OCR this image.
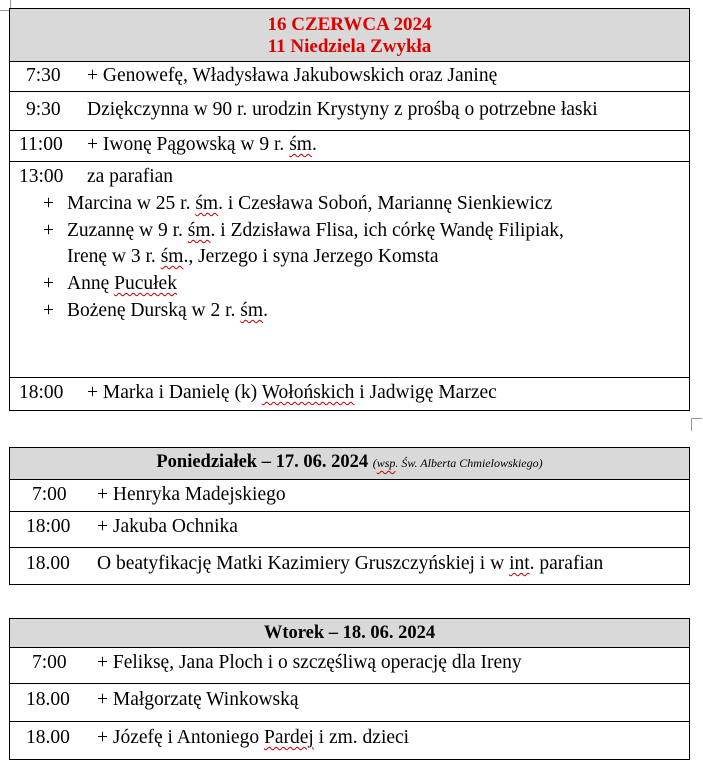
16 CZERWCA 2024
11 Niedziela Zwykła
7:30 + Genowefę, Władysława Jakubowskich oraz Janinę
9:30 Dziękczynna w 90 r. urodzin Krystyny z prośbą o potrzebne łaski
11:00 + Iwonę Pągowską w 9 r. śm.
13:00 za parafian
+ Marcina w 25 r. śm. i Czesława Soboń, Mariannę Sienkiewicz
+ Zuzannę w 9 r. śm. i Zdzisława Flisa, ich córkę Wandę Filipiak,
Irenę w 3 r. śm., Jerzego i syna Jerzego Komsta
+ Annę Pucułek
+ Bożenę Durską w 2 r. śm.
18:00 + Marka i Danielę (k) Wołońskich i Jadwigę Marzec
Poniedziałek – 17. 06. 2024 (wsp. Św. Alberta Chmielowskiego)
7:00 + Henryka Madejskiego
18:00 + Jakuba Ochnika
18.00 O beatyfikację Matki Kazimiery Gruszczyńskiej i w int. parafian
Wtorek – 18. 06. 2024
7:00 + Feliksę, Jana Ploch i o szczęśliwą operację dla Ireny
18.00 + Małgorzatę Winkowską
18.00 + Józefę i Antoniego Pardej i zm. dzieci
